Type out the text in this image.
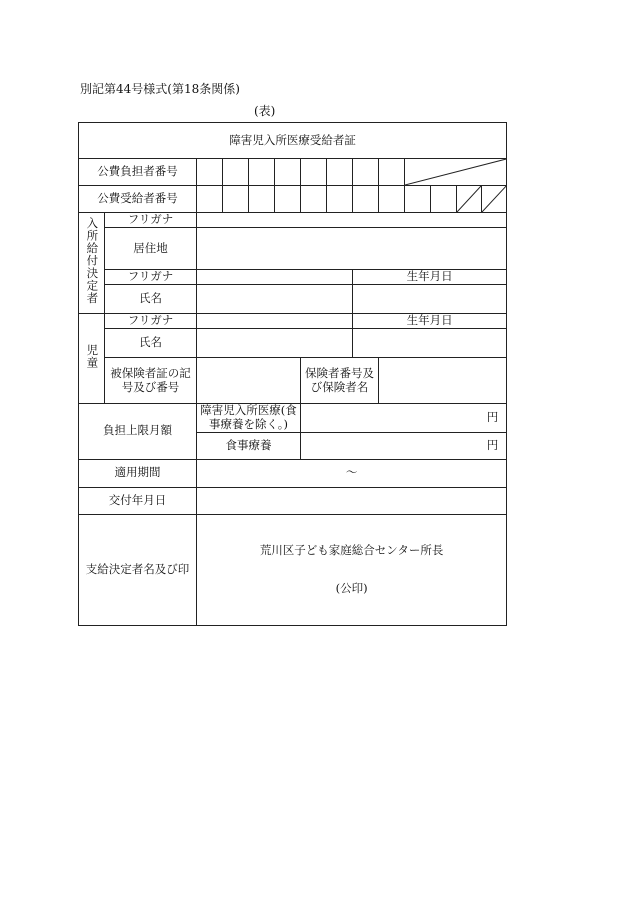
別記第44号様式(第18条関係)
(表)
障害児入所医療受給者証													
公費負担者番号									

公費受給者番号											

入所給付決定者	フリガナ												
	居住地												
	フリガナ							生年月日					
	氏名												
児童	フリガナ							生年月日					
	氏名												
	被保険者証の記号及び番号					保険者番号及び保険者名							
負担上限月額		障害児入所医療(食事療養を除く。)				円							
		食事療養				円							
適用期間		～											
交付年月日													
支給決定者名及び印		荒川区子ども家庭総合センター所長
(公印)											
